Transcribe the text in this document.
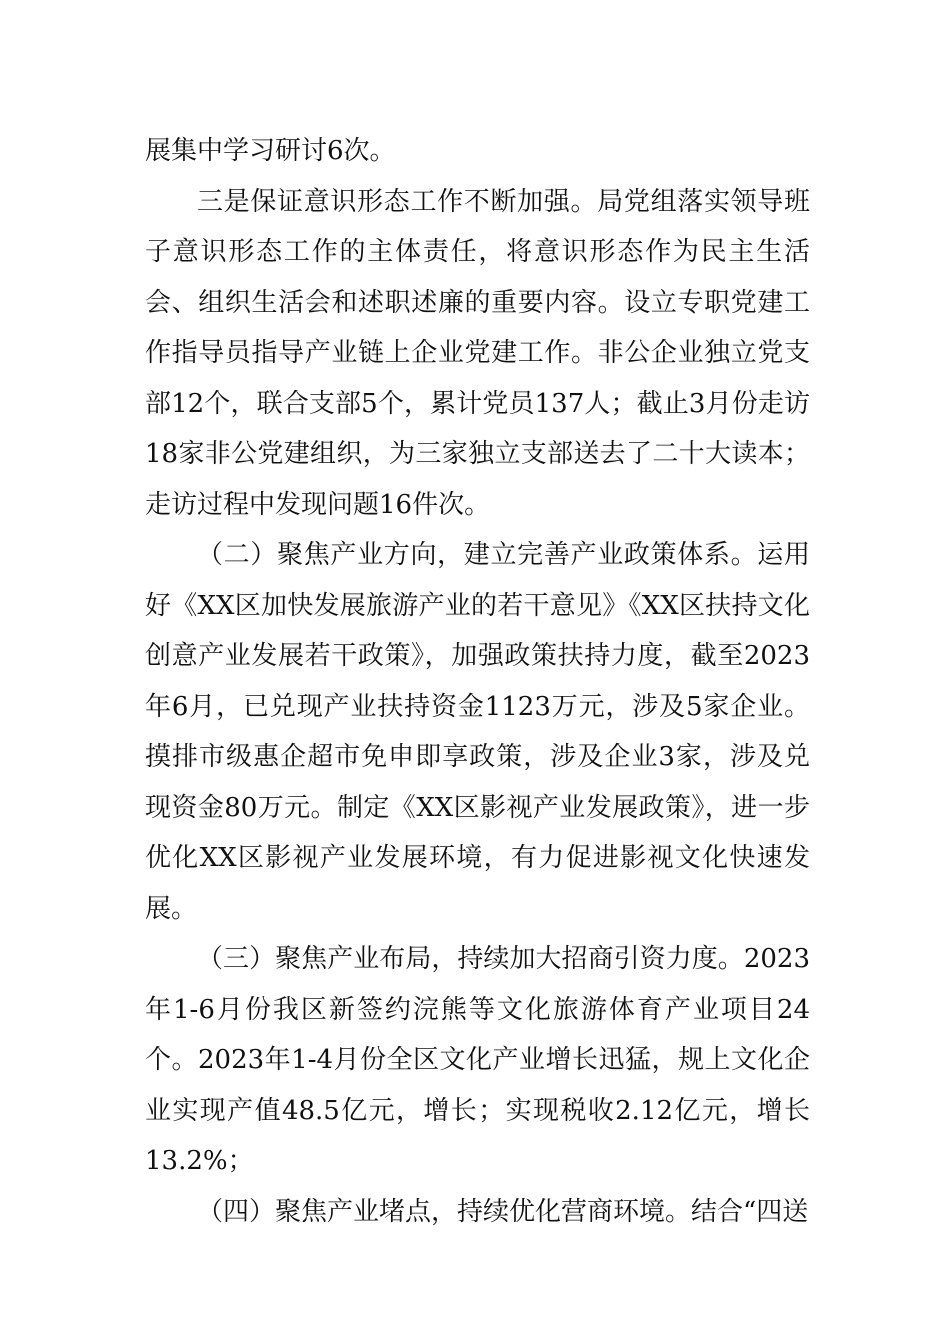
展集中学习研讨6次。

三是保证意识形态工作不断加强。局党组落实领导班子意识形态工作的主体责任，将意识形态作为民主生活会、组织生活会和述职述廉的重要内容。设立专职党建工作指导员指导产业链上企业党建工作。非公企业独立党支部12个，联合支部5个，累计党员137人；截止3月份走访18家非公党建组织，为三家独立支部送去了二十大读本；走访过程中发现问题16件次。

（二）聚焦产业方向，建立完善产业政策体系。运用好《XX区加快发展旅游产业的若干意见》《XX区扶持文化创意产业发展若干政策》，加强政策扶持力度，截至2023年6月，已兑现产业扶持资金1123万元，涉及5家企业。摸排市级惠企超市免申即享政策，涉及企业3家，涉及兑现资金80万元。制定《XX区影视产业发展政策》，进一步优化XX区影视产业发展环境，有力促进影视文化快速发展。

（三）聚焦产业布局，持续加大招商引资力度。2023年1-6月份我区新签约浣熊等文化旅游体育产业项目24个。2023年1-4月份全区文化产业增长迅猛，规上文化企业实现产值48.5亿元，增长；实现税收2.12亿元，增长13.2%；

（四）聚焦产业堵点，持续优化营商环境。结合“四送
